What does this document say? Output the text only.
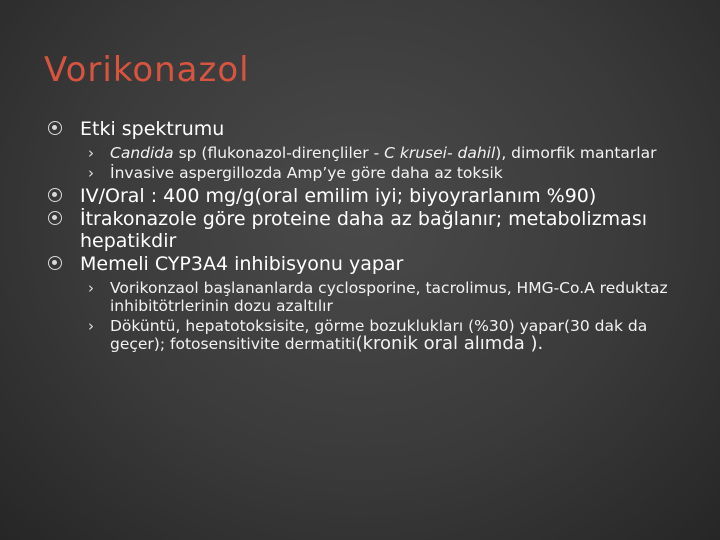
Vorikonazol
Etki spektrumu
› Candida sp (flukonazol-dirençliler - C krusei- dahil), dimorfik mantarlar
› İnvasive aspergillozda Amp’ye göre daha az toksik
IV/Oral : 400 mg/g(oral emilim iyi; biyoyrarlanım %90)
İtrakonazole göre proteine daha az bağlanır; metabolizması hepatikdir
Memeli CYP3A4 inhibisyonu yapar
› Vorikonzaol başlananlarda cyclosporine, tacrolimus, HMG-Co.A reduktaz inhibitötrlerinin dozu azaltılır
› Döküntü, hepatotoksisite, görme bozuklukları (%30) yapar(30 dak da geçer); fotosensitivite dermatiti(kronik oral alımda ).
